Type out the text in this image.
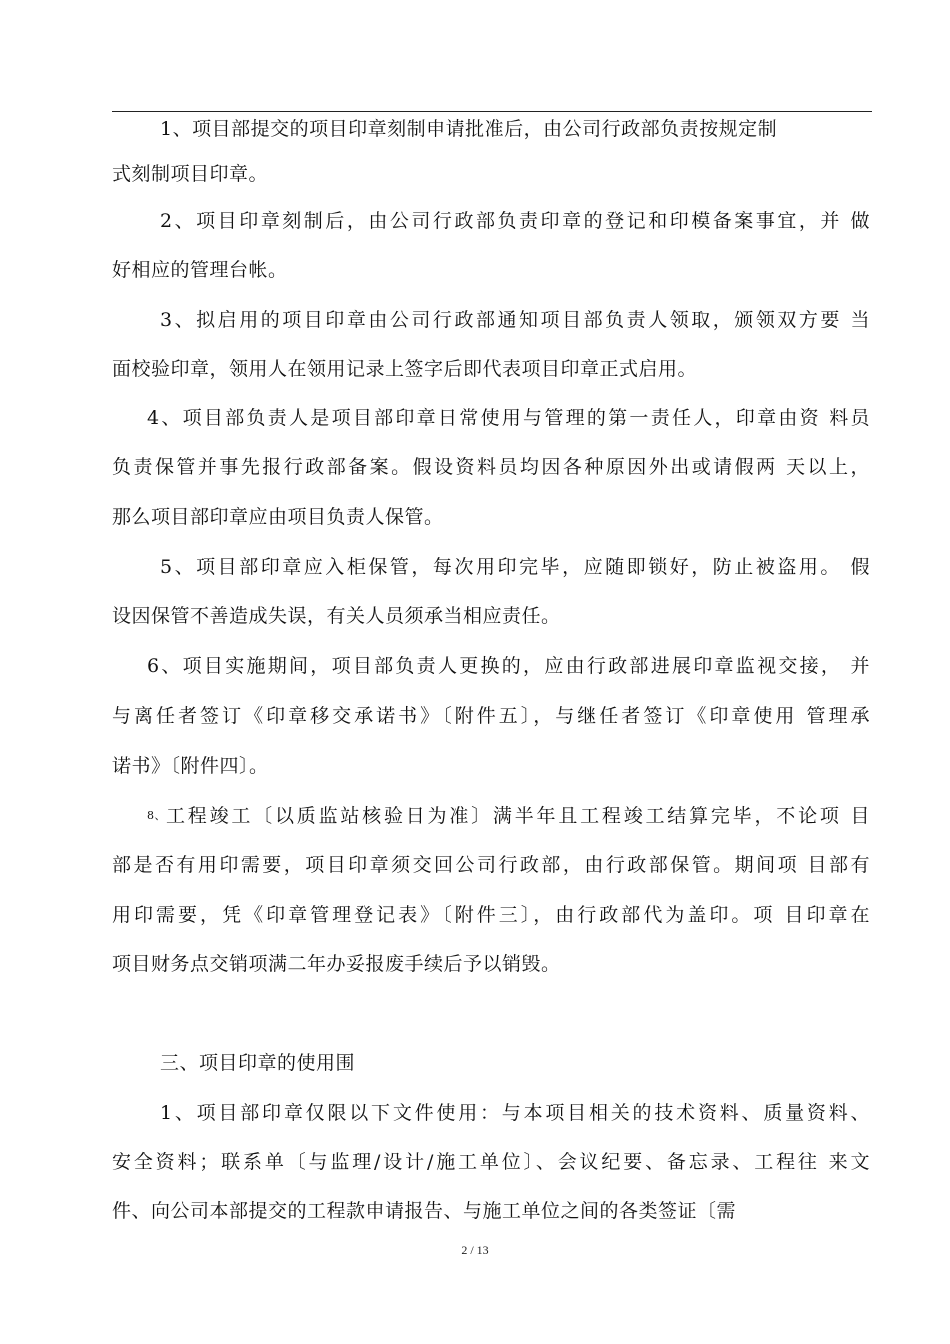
1、项目部提交的项目印章刻制申请批准后，由公司行政部负责按规定制
式刻制项目印章。
2、项目印章刻制后，由公司行政部负责印章的登记和印模备案事宜，并 做
好相应的管理台帐。
3、拟启用的项目印章由公司行政部通知项目部负责人领取，颁领双方要 当
面校验印章，领用人在领用记录上签字后即代表项目印章正式启用。
4、项目部负责人是项目部印章日常使用与管理的第一责任人，印章由资 料员
负责保管并事先报行政部备案。假设资料员均因各种原因外出或请假两 天以上，
那么项目部印章应由项目负责人保管。
5、项目部印章应入柜保管，每次用印完毕，应随即锁好，防止被盗用。 假
设因保管不善造成失误，有关人员须承当相应责任。
6、项目实施期间，项目部负责人更换的，应由行政部进展印章监视交接， 并
与离任者签订《印章移交承诺书》〔附件五〕，与继任者签订《印章使用 管理承
诺书》〔附件四〕。
8、 工程竣工〔以质监站核验日为准〕满半年且工程竣工结算完毕，不论项 目
部是否有用印需要，项目印章须交回公司行政部，由行政部保管。期间项 目部有
用印需要，凭《印章管理登记表》〔附件三〕，由行政部代为盖印。项 目印章在
项目财务点交销项满二年办妥报废手续后予以销毁。
三、项目印章的使用围
1、项目部印章仅限以下文件使用：与本项目相关的技术资料、质量资料、
安全资料；联系单〔与监理/设计/施工单位〕、会议纪要、备忘录、工程往 来文
件、向公司本部提交的工程款申请报告、与施工单位之间的各类签证〔需
2 / 13
